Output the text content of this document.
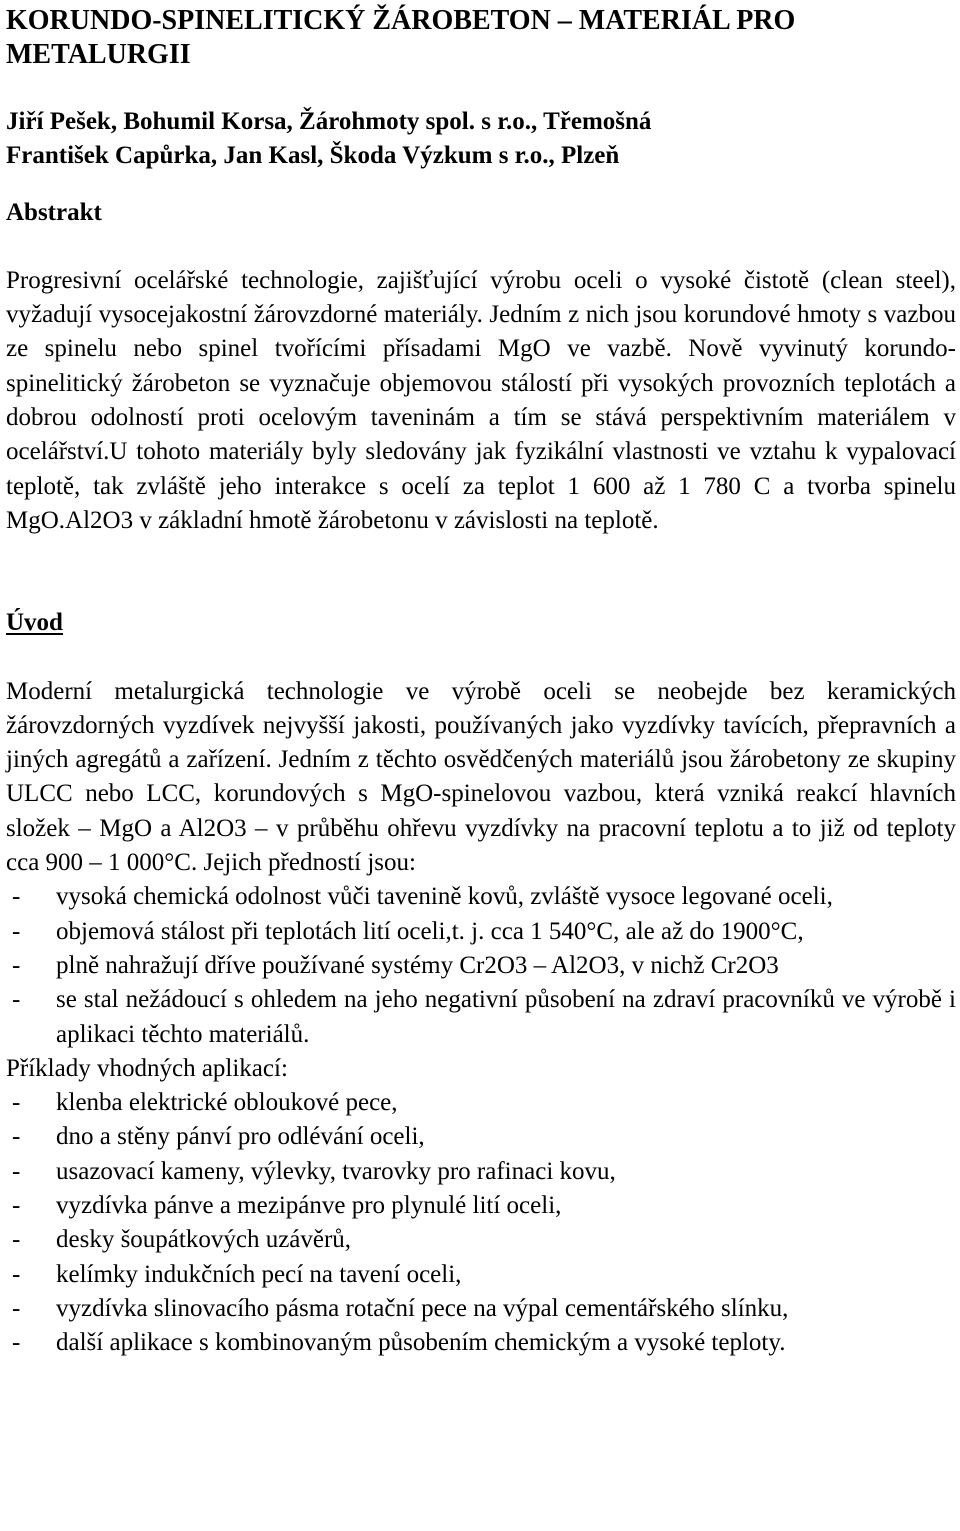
KORUNDO-SPINELITICKÝ ŽÁROBETON – MATERIÁL PRO
METALURGII
Jiří Pešek, Bohumil Korsa, Žárohmoty spol. s r.o., Třemošná
František Capůrka, Jan Kasl, Škoda Výzkum s r.o., Plzeň
Abstrakt

Progresivní ocelářské technologie, zajišťující výrobu oceli o vysoké čistotě (clean steel), vyžadují vysocejakostní žárovzdorné materiály. Jedním z nich jsou korundové hmoty s vazbou ze spinelu nebo spinel tvořícími přísadami MgO ve vazbě. Nově vyvinutý korundo-spinelitický žárobeton se vyznačuje objemovou stálostí při vysokých provozních teplotách a dobrou odolností proti ocelovým taveninám a tím se stává perspektivním materiálem v ocelářství.U tohoto materiály byly sledovány jak fyzikální vlastnosti ve vztahu k vypalovací teplotě, tak zvláště jeho interakce s ocelí za teplot 1 600 až 1 780 C a tvorba spinelu MgO.Al2O3 v základní hmotě žárobetonu v závislosti na teplotě.

Úvod

Moderní metalurgická technologie ve výrobě oceli se neobejde bez keramických žárovzdorných vyzdívek nejvyšší jakosti, používaných jako vyzdívky tavících, přepravních a jiných agregátů a zařízení. Jedním z těchto osvědčených materiálů jsou žárobetony ze skupiny ULCC nebo LCC, korundových s MgO-spinelovou vazbou, která vzniká reakcí hlavních složek – MgO a Al2O3 – v průběhu ohřevu vyzdívky na pracovní teplotu a to již od teploty cca 900 – 1 000°C. Jejich předností jsou:

- vysoká chemická odolnost vůči tavenině kovů, zvláště vysoce legované oceli,
- objemová stálost při teplotách lití oceli,t. j. cca 1 540°C, ale až do 1900°C,
- plně nahražují dříve používané systémy Cr2O3 – Al2O3, v nichž Cr2O3
- se stal nežádoucí s ohledem na jeho negativní působení na zdraví pracovníků ve výrobě i aplikaci těchto materiálů.

Příklady vhodných aplikací:

- klenba elektrické obloukové pece,
- dno a stěny pánví pro odlévání oceli,
- usazovací kameny, výlevky, tvarovky pro rafinaci kovu,
- vyzdívka pánve a mezipánve pro plynulé lití oceli,
- desky šoupátkových uzávěrů,
- kelímky indukčních pecí na tavení oceli,
- vyzdívka slinovacího pásma rotační pece na výpal cementářského slínku,
- další aplikace s kombinovaným působením chemickým a vysoké teploty.
